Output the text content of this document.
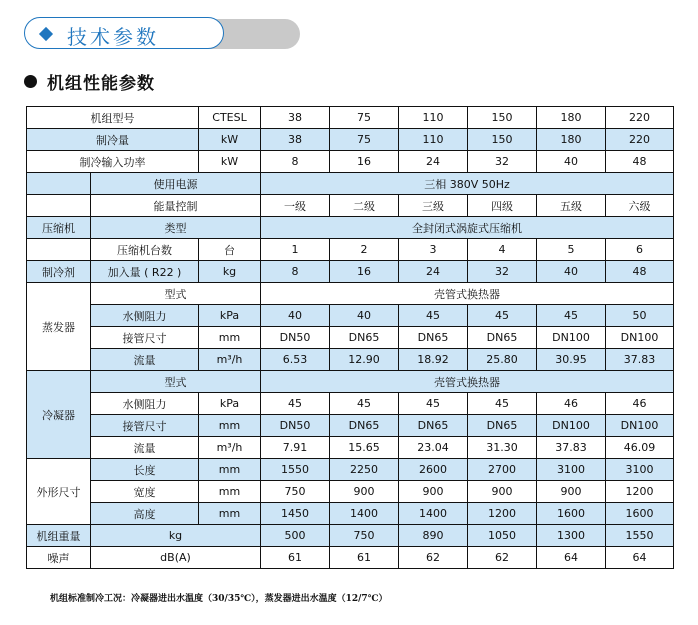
技术参数
机组性能参数
机组型号		CTESL	38	75	110	150	180	220
制冷量		kW	38	75	110	150	180	220
制冷输入功率		kW	8	16	24	32	40	48
	使用电源		三相 380V 50Hz					
	能量控制		一级	二级	三级	四级	五级	六级
压缩机	类型		全封闭式涡旋式压缩机					
	压缩机台数	台	1	2	3	4	5	6
制冷剂	加入量 ( R22 )	kg	8	16	24	32	40	48
蒸发器	型式		壳管式换热器					
	水侧阻力	kPa	40	40	45	45	45	50
	接管尺寸	mm	DN50	DN65	DN65	DN65	DN100	DN100
	流量	m³/h	6.53	12.90	18.92	25.80	30.95	37.83
冷凝器	型式		壳管式换热器					
	水侧阻力	kPa	45	45	45	45	46	46
	接管尺寸	mm	DN50	DN65	DN65	DN65	DN100	DN100
	流量	m³/h	7.91	15.65	23.04	31.30	37.83	46.09
外形尺寸	长度	mm	1550	2250	2600	2700	3100	3100
	宽度	mm	750	900	900	900	900	1200
	高度	mm	1450	1400	1400	1200	1600	1600
机组重量	kg		500	750	890	1050	1300	1550
噪声	dB(A)		61	61	62	62	64	64
机组标准制冷工况：冷凝器进出水温度（30/35℃），蒸发器进出水温度（12/7℃）
